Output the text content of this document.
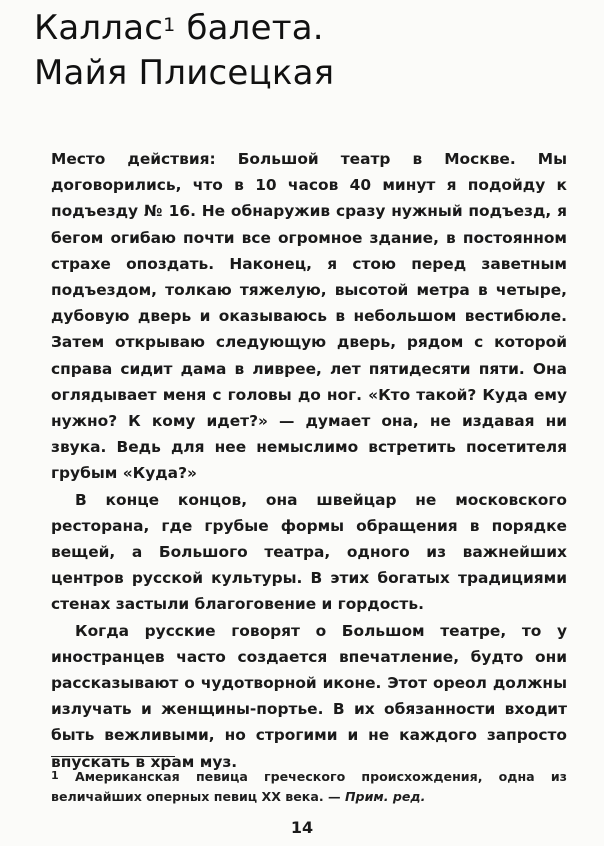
Каллас$^1$ балета.
Майя Плисецкая

Место действия: Большой театр в Москве. Мы договорились, что в 10 часов 40 минут я подойду к подъезду № 16. Не обнаружив сразу нужный подъезд, я бегом огибаю почти все огромное здание, в постоянном страхе опоздать. Наконец, я стою перед заветным подъездом, толкаю тяжелую, высотой метра в четыре, дубовую дверь и оказываюсь в небольшом вестибюле. Затем открываю следующую дверь, рядом с которой справа сидит дама в ливрее, лет пятидесяти пяти. Она оглядывает меня с головы до ног. «Кто такой? Куда ему нужно? К кому идет?» — думает она, не издавая ни звука. Ведь для нее немыслимо встретить посетителя грубым «Куда?»

В конце концов, она швейцар не московского ресторана, где грубые формы обращения в порядке вещей, а Большого театра, одного из важнейших центров русской культуры. В этих богатых традициями стенах застыли благоговение и гордость.

Когда русские говорят о Большом театре, то у иностранцев часто создается впечатление, будто они рассказывают о чудотворной иконе. Этот ореол должны излучать и женщины-портье. В их обязанности входит быть вежливыми, но строгими и не каждого запросто впускать в храм муз.

1 Американская певица греческого происхождения, одна из величайших оперных певиц XX века. — Прим. ред.
14
